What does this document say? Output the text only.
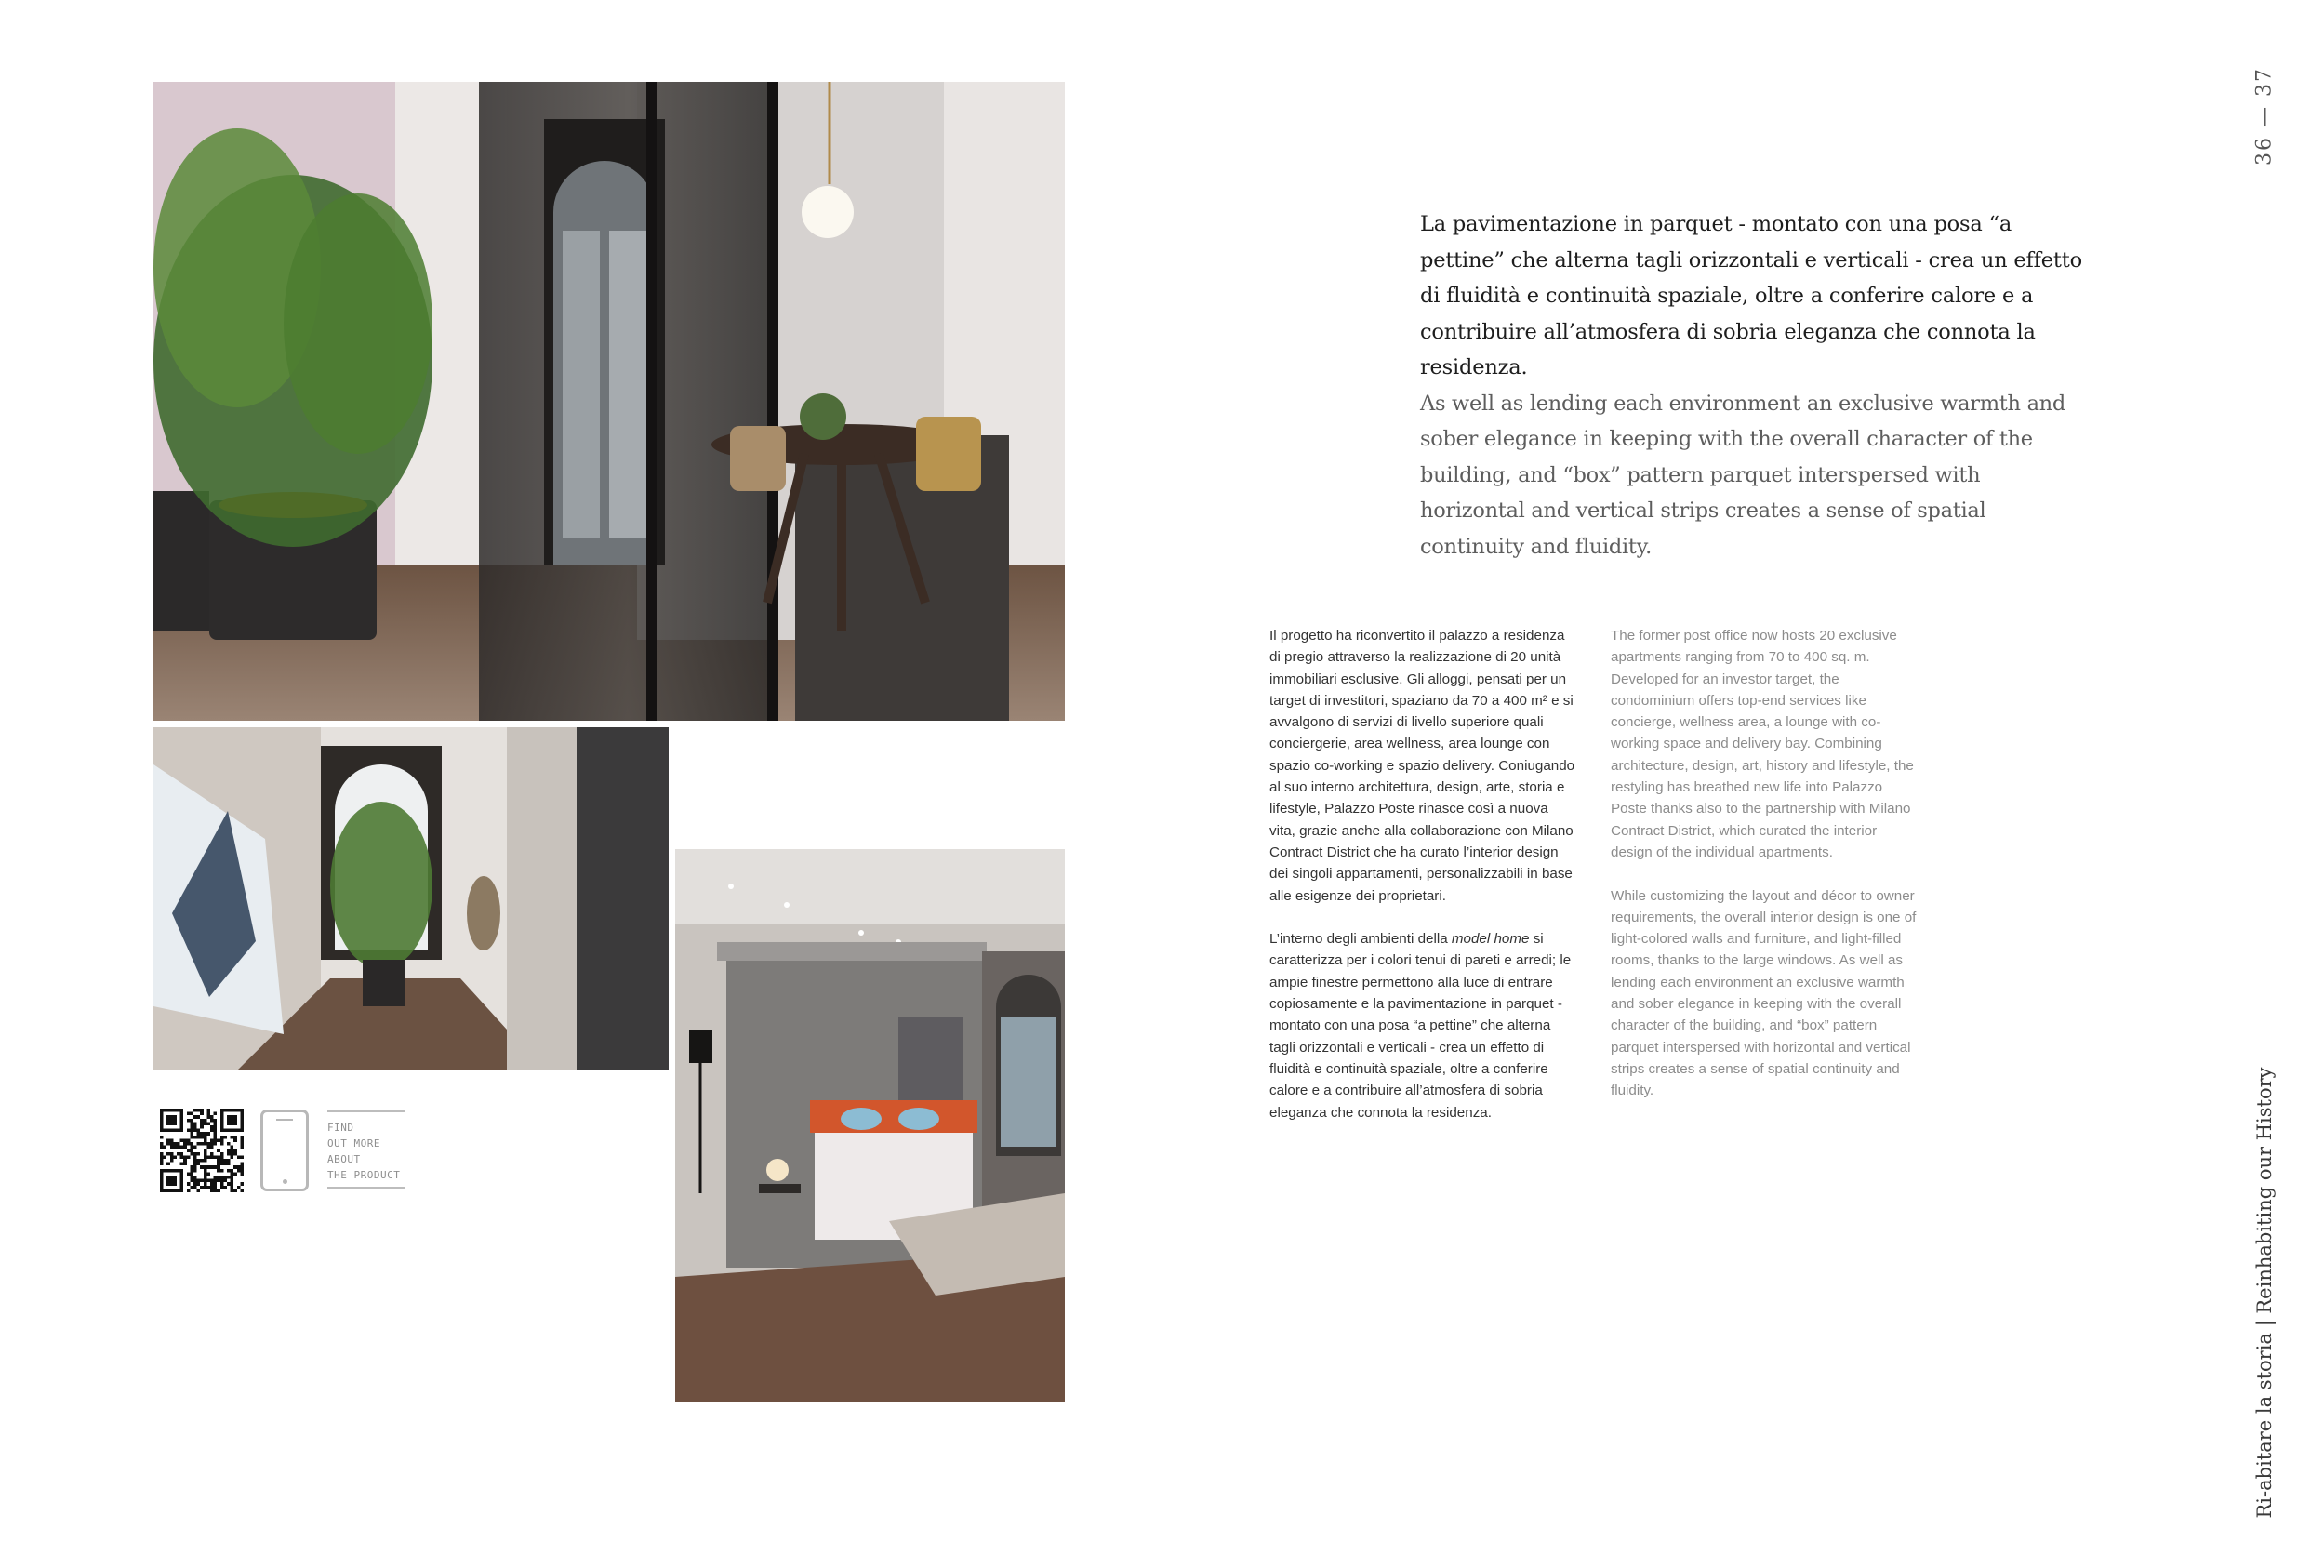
FIND
OUT MORE
ABOUT
THE PRODUCT
La pavimentazione in parquet - montato con una posa “a pettine” che alterna tagli orizzontali e verticali - crea un effetto di fluidità e continuità spaziale, oltre a conferire calore e a contribuire all’atmosfera di sobria eleganza che connota la residenza.
As well as lending each environment an exclusive warmth and sober elegance in keeping with the overall character of the building, and “box” pattern parquet interspersed with horizontal and vertical strips creates a sense of spatial continuity and fluidity.

Il progetto ha riconvertito il palazzo a residenza di pregio attraverso la realizzazione di 20 unità immobiliari esclusive. Gli alloggi, pensati per un target di investitori, spaziano da 70 a 400 m² e si avvalgono di servizi di livello superiore quali conciergerie, area wellness, area lounge con spazio co-working e spazio delivery. Coniugando al suo interno architettura, design, arte, storia e lifestyle, Palazzo Poste rinasce così a nuova vita, grazie anche alla collaborazione con Milano Contract District che ha curato l’interior design dei singoli appartamenti, personalizzabili in base alle esigenze dei proprietari.

L’interno degli ambienti della model home si caratterizza per i colori tenui di pareti e arredi; le ampie finestre permettono alla luce di entrare copiosamente e la pavimentazione in parquet - montato con una posa “a pettine” che alterna tagli orizzontali e verticali - crea un effetto di fluidità e continuità spaziale, oltre a conferire calore e a contribuire all’atmosfera di sobria eleganza che connota la residenza.

The former post office now hosts 20 exclusive apartments ranging from 70 to 400 sq. m. Developed for an investor target, the condominium offers top-end services like concierge, wellness area, a lounge with co-working space and delivery bay. Combining architecture, design, art, history and lifestyle, the restyling has breathed new life into Palazzo Poste thanks also to the partnership with Milano Contract District, which curated the interior design of the individual apartments.

While customizing the layout and décor to owner requirements, the overall interior design is one of light-colored walls and furniture, and light-filled rooms, thanks to the large windows. As well as lending each environment an exclusive warmth and sober elegance in keeping with the overall character of the building, and “box” pattern parquet interspersed with horizontal and vertical strips creates a sense of spatial continuity and fluidity.

36 — 37
Ri-abitare la storia | Reinhabiting our History
